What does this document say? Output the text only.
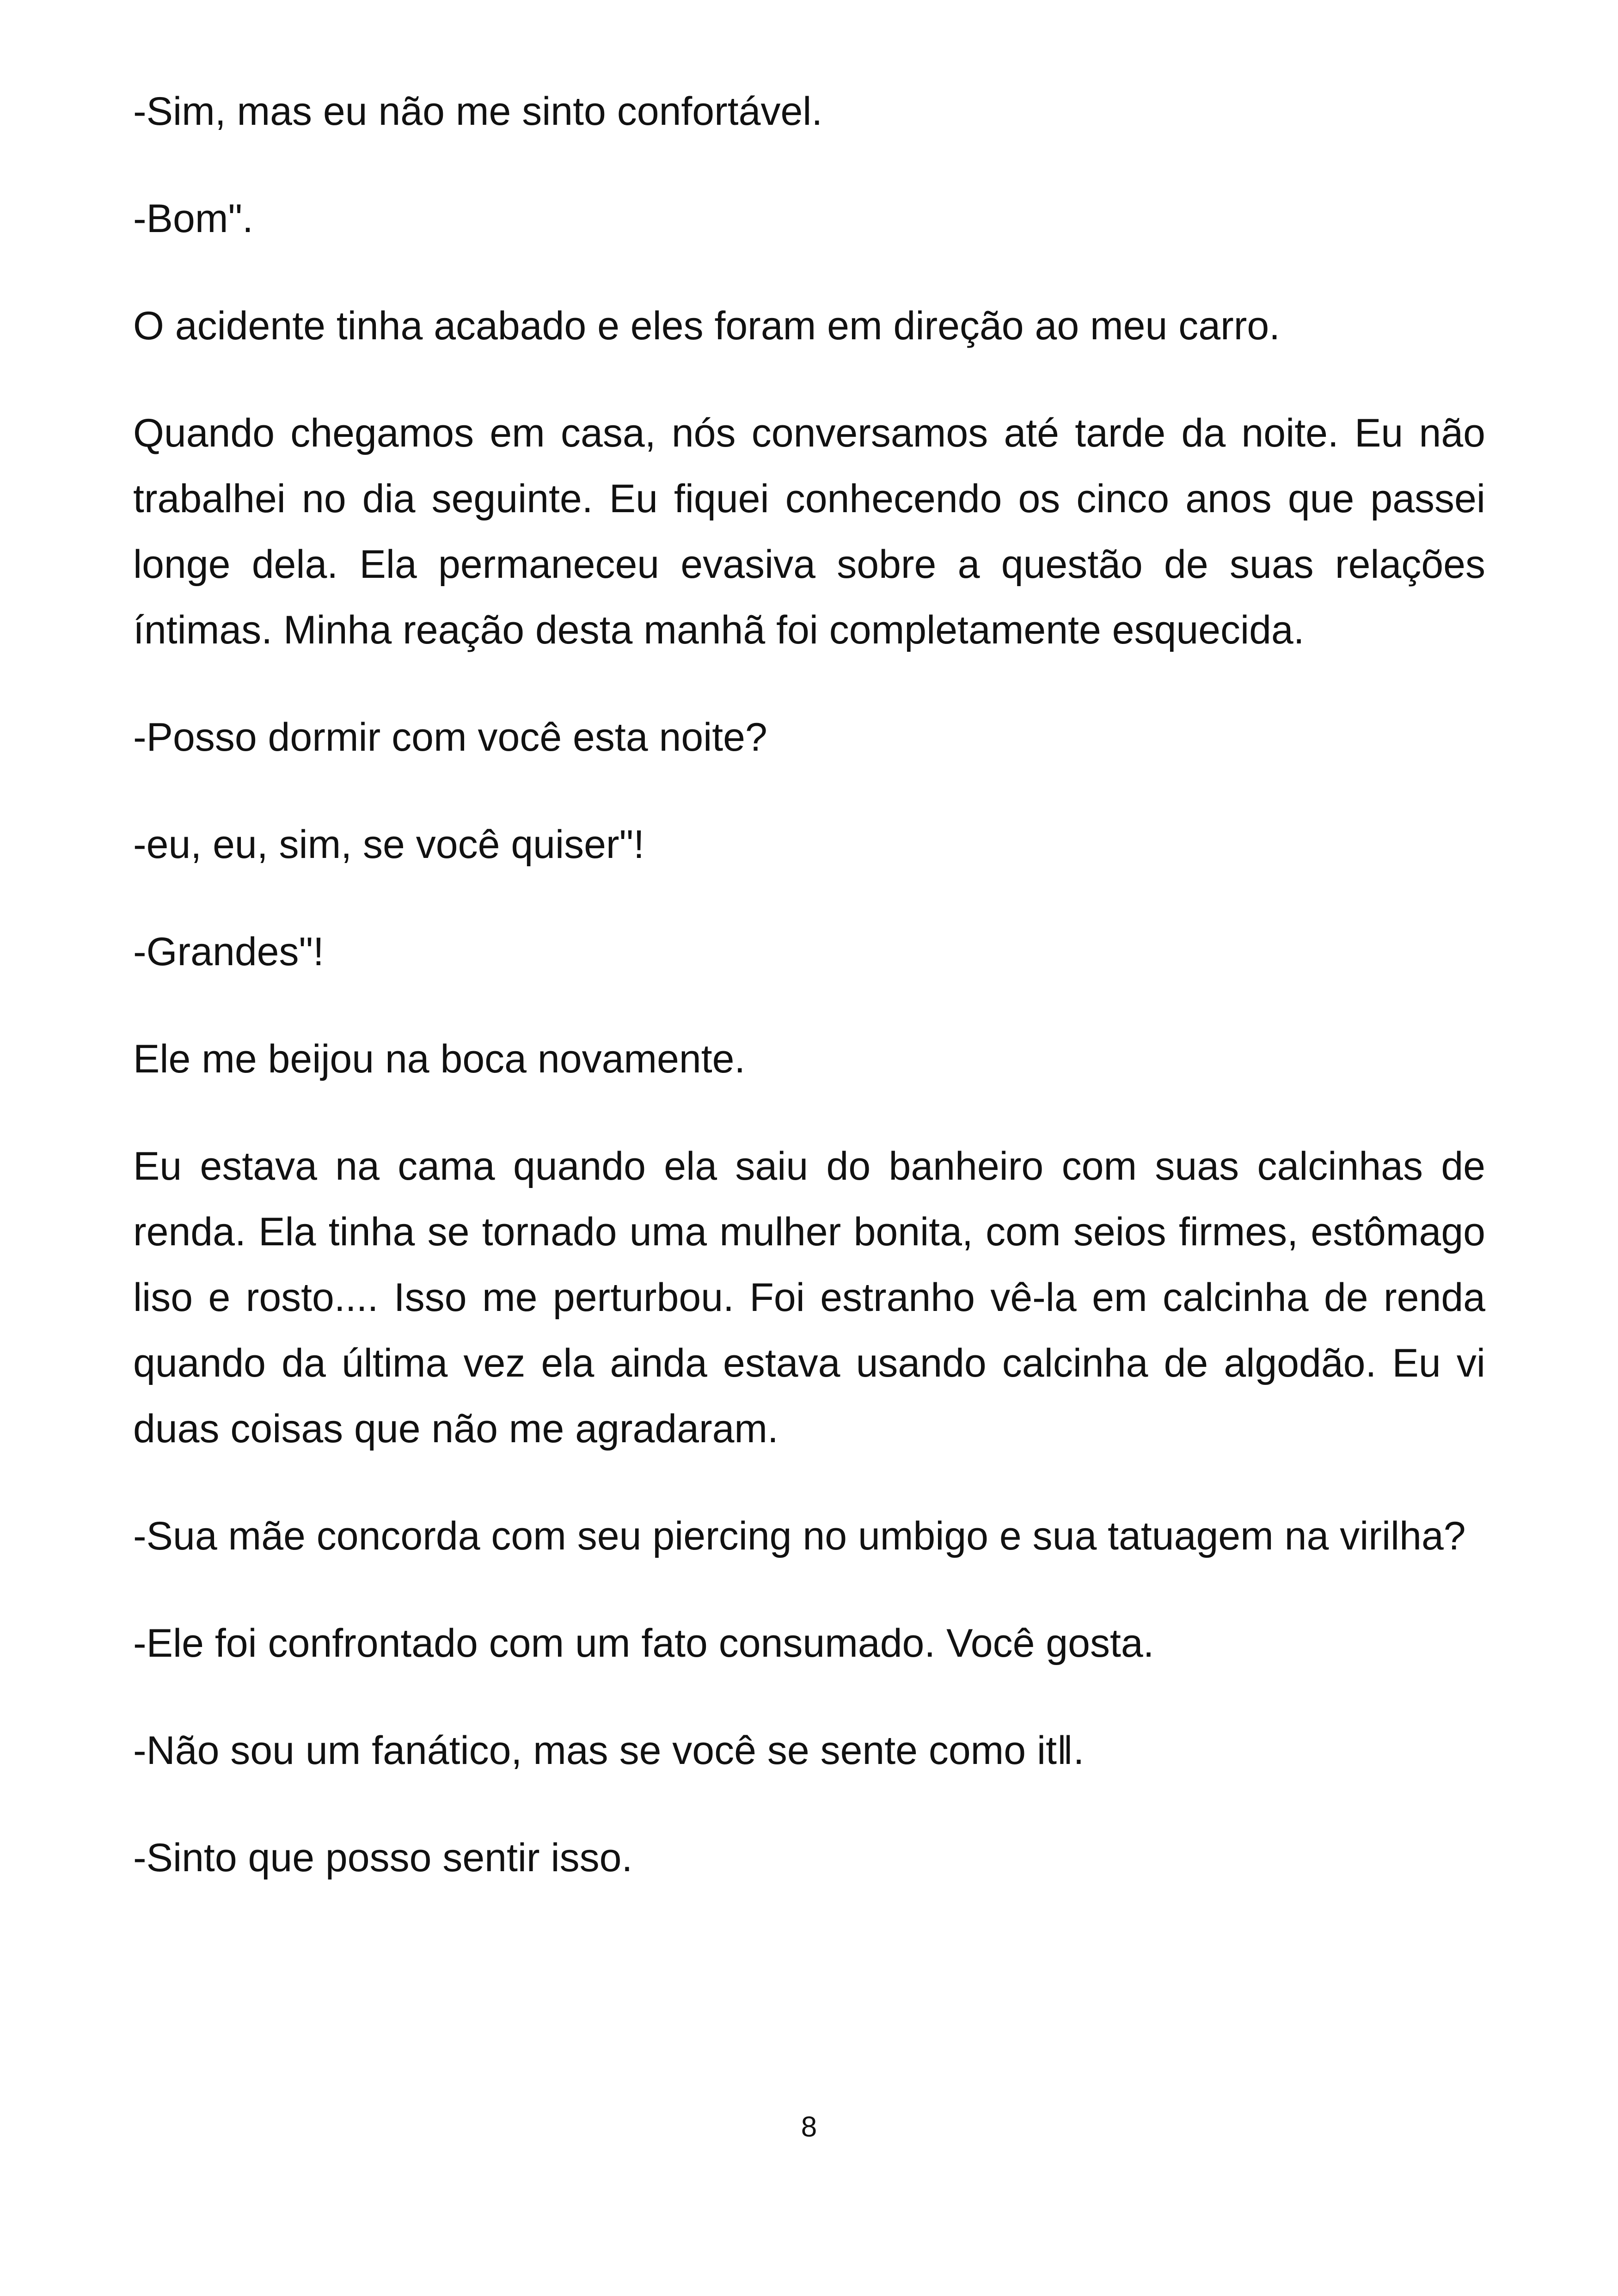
-Sim, mas eu não me sinto confortável.

-Bom".

O acidente tinha acabado e eles foram em direção ao meu carro.

Quando chegamos em casa, nós conversamos até tarde da noite. Eu não trabalhei no dia seguinte. Eu fiquei conhecendo os cinco anos que passei longe dela. Ela permaneceu evasiva sobre a questão de suas relações íntimas. Minha reação desta manhã foi completamente esquecida.

-Posso dormir com você esta noite?

-eu, eu, sim, se você quiser"!

-Grandes"!

Ele me beijou na boca novamente.

Eu estava na cama quando ela saiu do banheiro com suas calcinhas de renda. Ela tinha se tornado uma mulher bonita, com seios firmes, estômago liso e rosto.... Isso me perturbou. Foi estranho vê-la em calcinha de renda quando da última vez ela ainda estava usando calcinha de algodão. Eu vi duas coisas que não me agradaram.

-Sua mãe concorda com seu piercing no umbigo e sua tatuagem na virilha?

-Ele foi confrontado com um fato consumado. Você gosta.

-Não sou um fanático, mas se você se sente como it‖.

-Sinto que posso sentir isso.

8
